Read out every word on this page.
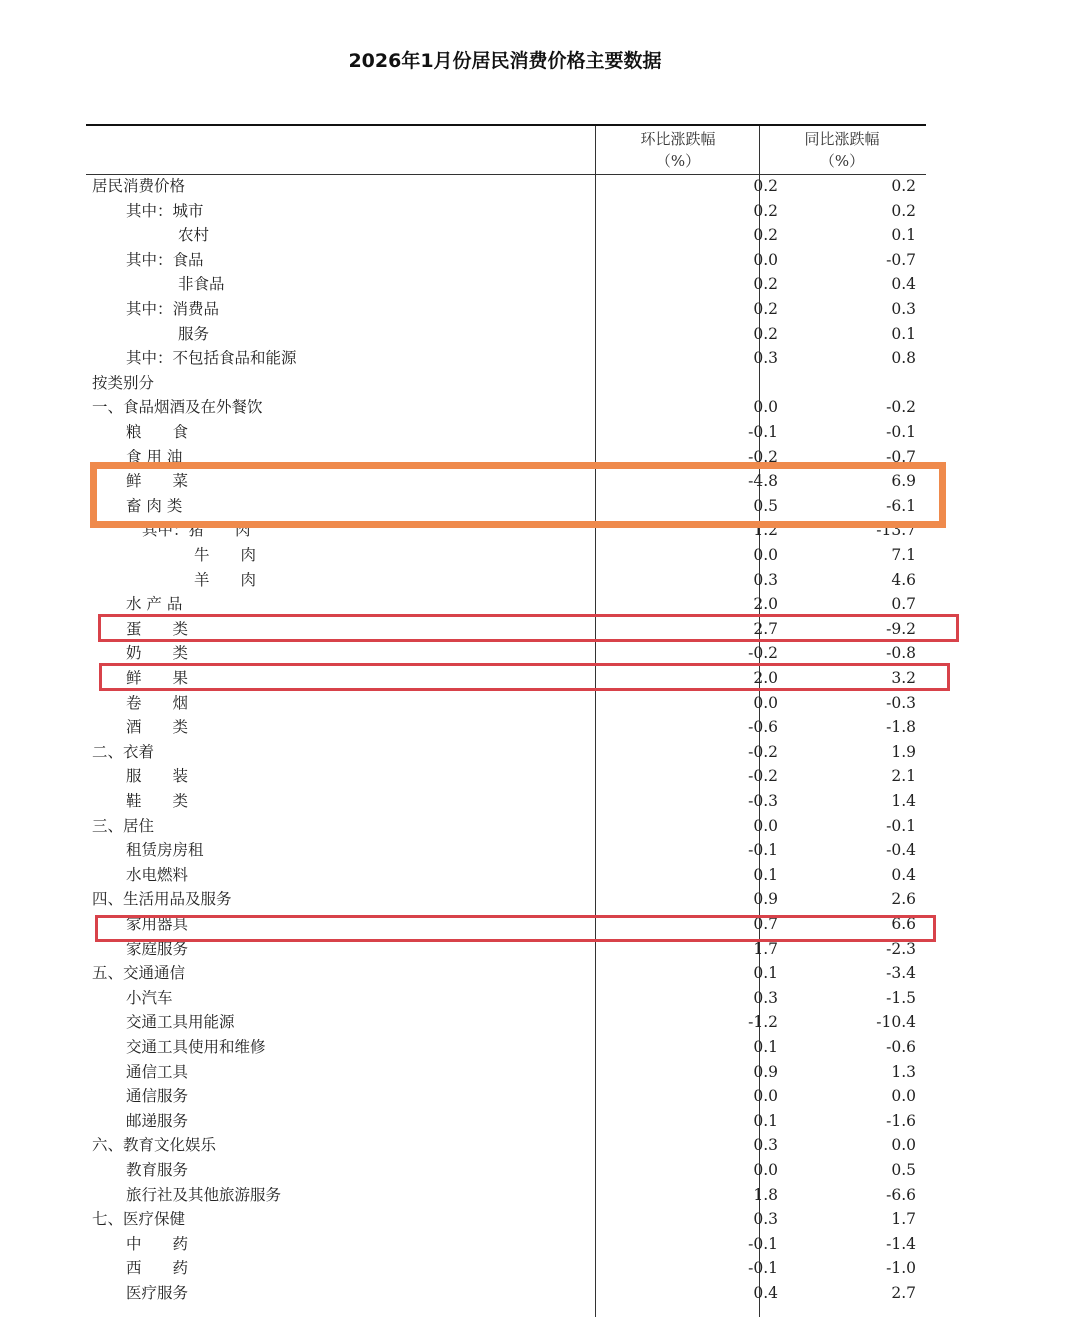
2026年1月份居民消费价格主要数据
环比涨跌幅
（%）
同比涨跌幅
（%）
居民消费价格	0.2	0.2
其中：城市	0.2	0.2
农村	0.2	0.1
其中：食品	0.0	-0.7
非食品	0.2	0.4
其中：消费品	0.2	0.3
服务	0.2	0.1
其中：不包括食品和能源	0.3	0.8
按类别分
一、食品烟酒及在外餐饮	0.0	-0.2
粮　　食	-0.1	-0.1
食 用 油	-0.2	-0.7
鲜　　菜	-4.8	6.9
畜 肉 类	0.5	-6.1
其中：猪　　肉	1.2	-13.7
牛　　肉	0.0	7.1
羊　　肉	0.3	4.6
水 产 品	2.0	0.7
蛋　　类	2.7	-9.2
奶　　类	-0.2	-0.8
鲜　　果	2.0	3.2
卷　　烟	0.0	-0.3
酒　　类	-0.6	-1.8
二、衣着	-0.2	1.9
服　　装	-0.2	2.1
鞋　　类	-0.3	1.4
三、居住	0.0	-0.1
租赁房房租	-0.1	-0.4
水电燃料	0.1	0.4
四、生活用品及服务	0.9	2.6
家用器具	0.7	6.6
家庭服务	1.7	-2.3
五、交通通信	0.1	-3.4
小汽车	0.3	-1.5
交通工具用能源	-1.2	-10.4
交通工具使用和维修	0.1	-0.6
通信工具	0.9	1.3
通信服务	0.0	0.0
邮递服务	0.1	-1.6
六、教育文化娱乐	0.3	0.0
教育服务	0.0	0.5
旅行社及其他旅游服务	1.8	-6.6
七、医疗保健	0.3	1.7
中　　药	-0.1	-1.4
西　　药	-0.1	-1.0
医疗服务	0.4	2.7
